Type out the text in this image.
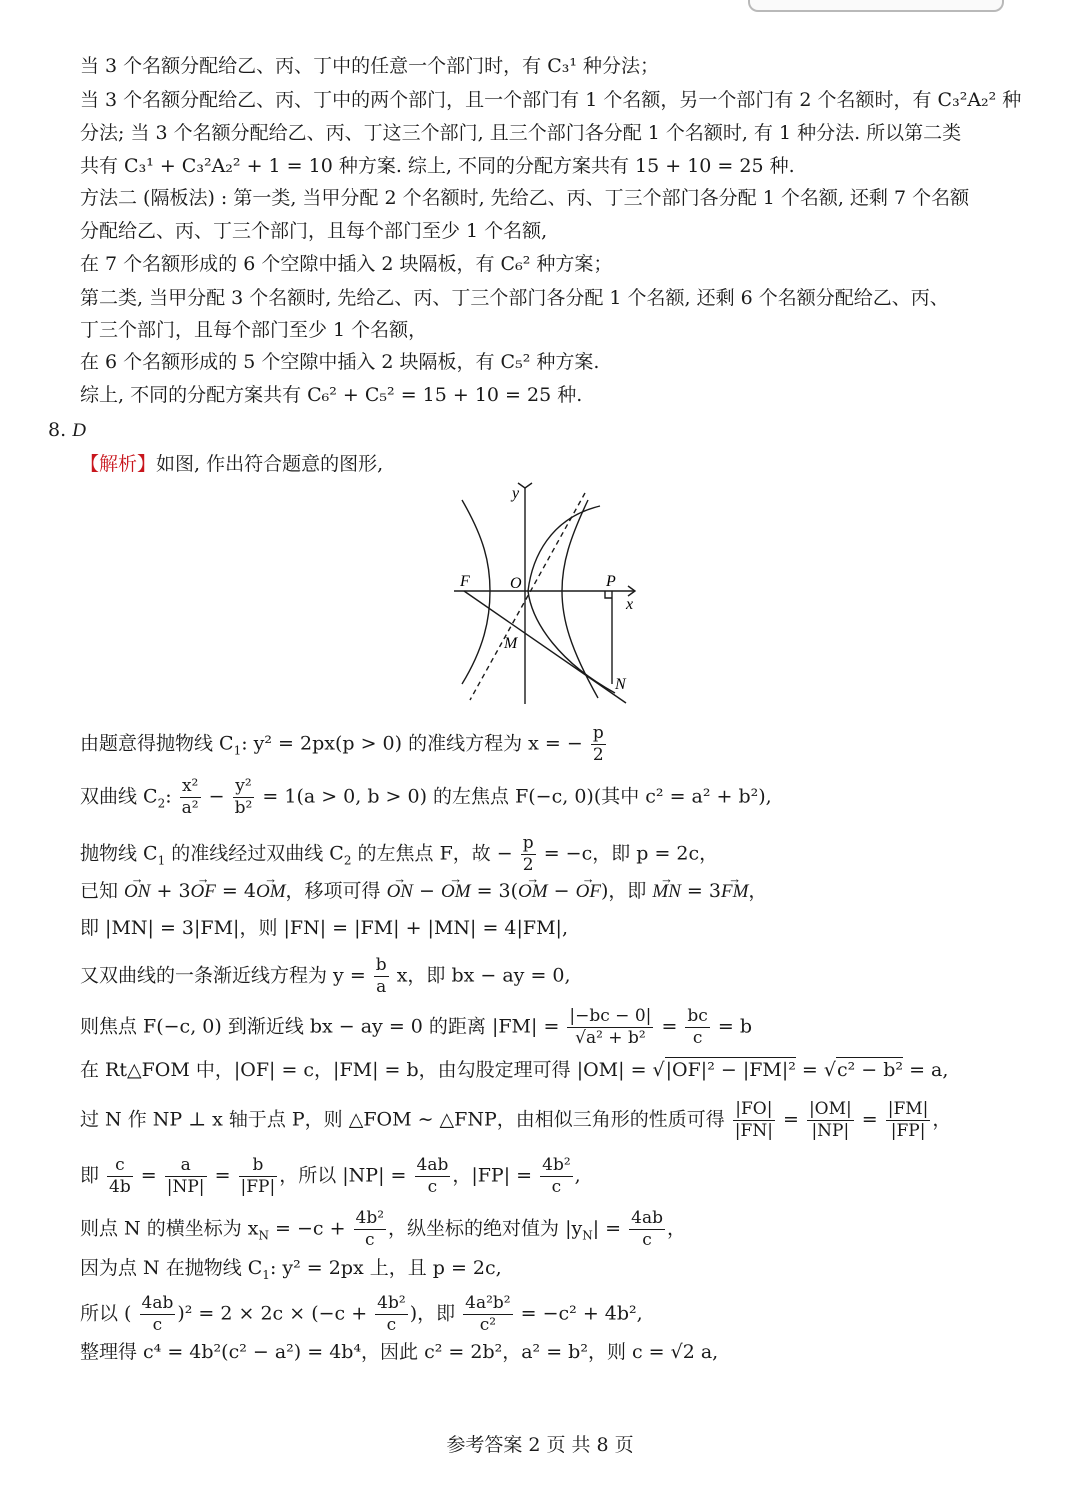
当 3 个名额分配给乙、丙、丁中的任意一个部门时，有 C₃¹ 种分法；
当 3 个名额分配给乙、丙、丁中的两个部门，且一个部门有 1 个名额，另一个部门有 2 个名额时，有 C₃²A₂² 种
分法; 当 3 个名额分配给乙、丙、丁这三个部门, 且三个部门各分配 1 个名额时, 有 1 种分法. 所以第二类
共有 C₃¹ + C₃²A₂² + 1 = 10 种方案. 综上, 不同的分配方案共有 15 + 10 = 25 种.
方法二 (隔板法) : 第一类, 当甲分配 2 个名额时, 先给乙、丙、丁三个部门各分配 1 个名额, 还剩 7 个名额
分配给乙、丙、丁三个部门，且每个部门至少 1 个名额,
在 7 个名额形成的 6 个空隙中插入 2 块隔板，有 C₆² 种方案；
第二类, 当甲分配 3 个名额时, 先给乙、丙、丁三个部门各分配 1 个名额, 还剩 6 个名额分配给乙、丙、
丁三个部门，且每个部门至少 1 个名额，
在 6 个名额形成的 5 个空隙中插入 2 块隔板，有 C₅² 种方案.
综上, 不同的分配方案共有 C₆² + C₅² = 15 + 10 = 25 种.
8. D
【解析】如图, 作出符合题意的图形,
y
x
F	O	P
M
N
由题意得抛物线 $C_1$: y² = 2px(p > 0) 的准线方程为 x = − $\frac{p}{2}$
双曲线 $C_2$: $\frac{\text{x²}}{\text{a²}} - \frac{\text{y²}}{\text{b²}} = 1(a > 0$, b > 0) 的左焦点 F(−c, 0)(其中 c² = a² + b²),
抛物线 $C_1$ 的准线经过双曲线 $C_2$ 的左焦点 F，故 − $\frac{p}{2} = -c$，即 p = 2c，
已知 → ON + 3→ OF = 4→ OM，移项可得 → ON − → OM = 3(→ OM − → OF)，即 → MN = 3→ FM，
即 |MN| = 3|FM|，则 |FN| = |FM| + |MN| = 4|FM|,
又双曲线的一条渐近线方程为 $y = \frac{b}{a}$ x，即 bx − ay = 0,
则焦点 F(−c, 0) 到渐近线 bx − ay = 0 的距离 $|FM| = \frac{|-bc - 0|}{\text{√a² + b²}} = \frac{bc}{c} = b$
在 Rt△FOM 中，|OF| = c，|FM| = b，由勾股定理可得 |OM| = √|OF|² − |FM|² = √c² − b² = a,
过 N 作 NP ⊥ x 轴于点 P，则 △FOM ∼ △FNP，由相似三角形的性质可得 $\frac{|FO|}{|FN|} = \frac{|OM|}{|NP|} = \frac{|FM|}{|FP|}$ ，
即 $\frac{c}{4b} = \frac{a}{|NP|} = \frac{b}{|FP|}$ ，所以 $|NP| = \frac{4ab}{c}$ ，$|FP| = \frac{\text{4b²}}{c}$ ,
则点 N 的横坐标为 $x_N = -c + \frac{\text{4b²}}{c}$ ，纵坐标的绝对值为 $|y_N| = \frac{4ab}{c}$ ，
因为点 N 在抛物线 $C_1$: y² = 2px 上，且 p = 2c,
所以 ( $\frac{4ab}{c} )^2 = 2 \times 2c \times (-c + \frac{\text{4b²}}{c}$ )，即 $\frac{\text{4a²b²}}{\text{c²}} = -c^2 + 4b^2$,
整理得 c⁴ = 4b²(c² − a²) = 4b⁴，因此 c² = 2b²，a² = b²，则 c = √2 a,
参考答案 2 页 共 8 页
